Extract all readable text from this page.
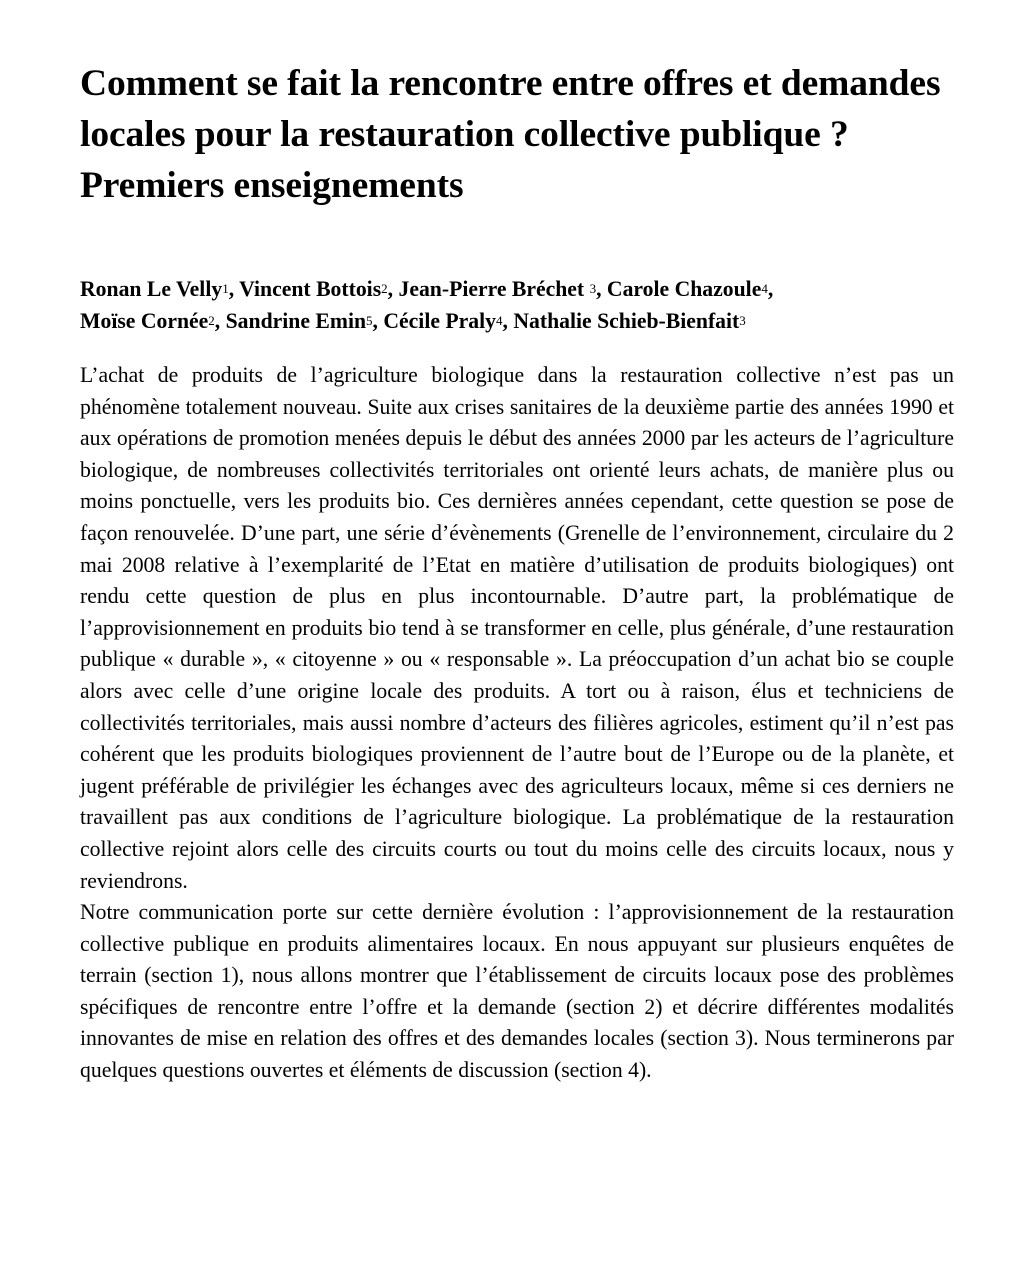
Comment se fait la rencontre entre offres et demandes locales pour la restauration collective publique ? Premiers enseignements
Ronan Le Velly$^1$, Vincent Bottois$^2$, Jean-Pierre Bréchet $^3$, Carole Chazoule$^4$,
Moïse Cornée$^2$, Sandrine Emin$^5$, Cécile Praly$^4$, Nathalie Schieb-Bienfait$^3$

L’achat de produits de l’agriculture biologique dans la restauration collective n’est pas un phénomène totalement nouveau. Suite aux crises sanitaires de la deuxième partie des années 1990 et aux opérations de promotion menées depuis le début des années 2000 par les acteurs de l’agriculture biologique, de nombreuses collectivités territoriales ont orienté leurs achats, de manière plus ou moins ponctuelle, vers les produits bio. Ces dernières années cependant, cette question se pose de façon renouvelée. D’une part, une série d’évènements (Grenelle de l’environnement, circulaire du 2 mai 2008 relative à l’exemplarité de l’Etat en matière d’utilisation de produits biologiques) ont rendu cette question de plus en plus incontournable. D’autre part, la problématique de l’approvisionnement en produits bio tend à se transformer en celle, plus générale, d’une restauration publique « durable », « citoyenne » ou « responsable ». La préoccupation d’un achat bio se couple alors avec celle d’une origine locale des produits. A tort ou à raison, élus et techniciens de collectivités territoriales, mais aussi nombre d’acteurs des filières agricoles, estiment qu’il n’est pas cohérent que les produits biologiques proviennent de l’autre bout de l’Europe ou de la planète, et jugent préférable de privilégier les échanges avec des agriculteurs locaux, même si ces derniers ne travaillent pas aux conditions de l’agriculture biologique. La problématique de la restauration collective rejoint alors celle des circuits courts ou tout du moins celle des circuits locaux, nous y reviendrons.

Notre communication porte sur cette dernière évolution : l’approvisionnement de la restauration collective publique en produits alimentaires locaux. En nous appuyant sur plusieurs enquêtes de terrain (section 1), nous allons montrer que l’établissement de circuits locaux pose des problèmes spécifiques de rencontre entre l’offre et la demande (section 2) et décrire différentes modalités innovantes de mise en relation des offres et des demandes locales (section 3). Nous terminerons par quelques questions ouvertes et éléments de discussion (section 4).
